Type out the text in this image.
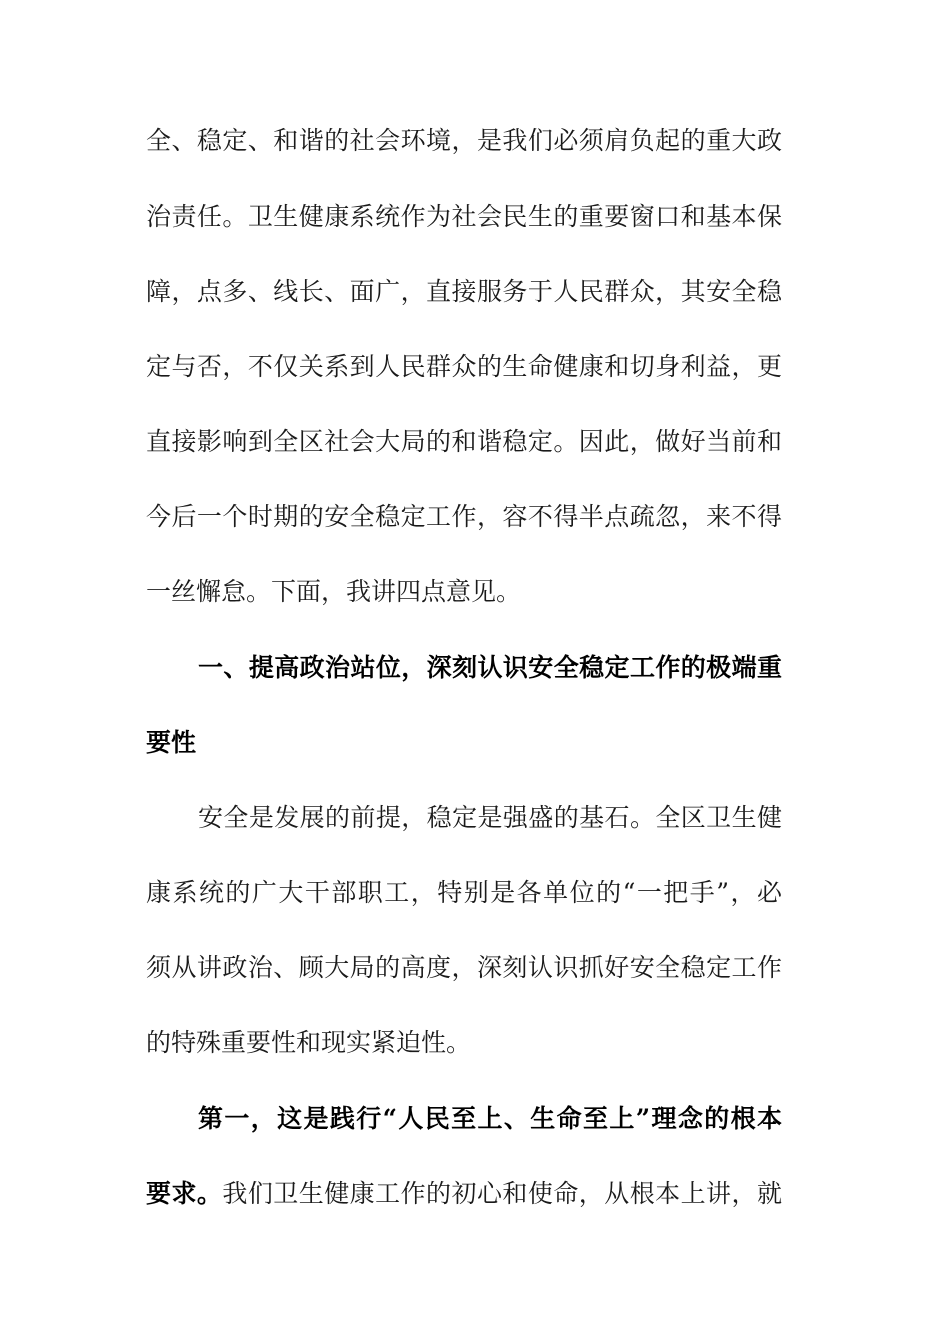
全、稳定、和谐的社会环境，是我们必须肩负起的重大政
治责任。卫生健康系统作为社会民生的重要窗口和基本保
障，点多、线长、面广，直接服务于人民群众，其安全稳
定与否，不仅关系到人民群众的生命健康和切身利益，更
直接影响到全区社会大局的和谐稳定。因此，做好当前和
今后一个时期的安全稳定工作，容不得半点疏忽，来不得
一丝懈怠。下面，我讲四点意见。
一、提高政治站位，深刻认识安全稳定工作的极端重
要性
安全是发展的前提，稳定是强盛的基石。全区卫生健
康系统的广大干部职工，特别是各单位的“一把手”，必
须从讲政治、顾大局的高度，深刻认识抓好安全稳定工作
的特殊重要性和现实紧迫性。
第一，这是践行“人民至上、生命至上”理念的根本
要求。我们卫生健康工作的初心和使命，从根本上讲，就
